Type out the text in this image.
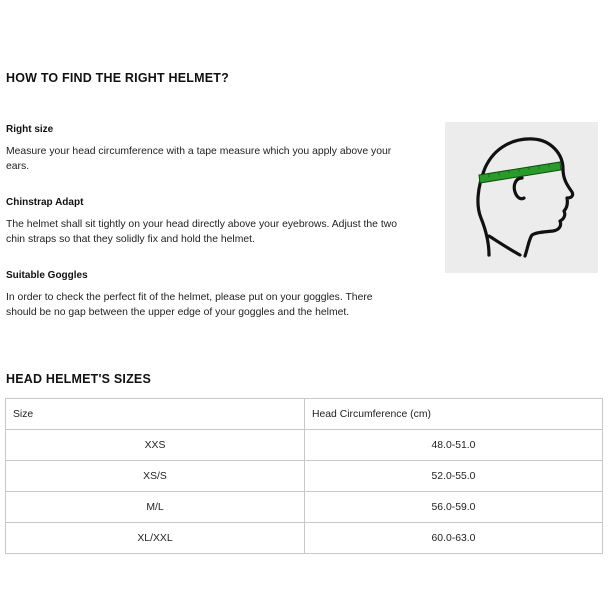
HOW TO FIND THE RIGHT HELMET?
Right size
Measure your head circumference with a tape measure which you apply above your ears.
Chinstrap Adapt
The helmet shall sit tightly on your head directly above your eyebrows. Adjust the two chin straps so that they solidly fix and hold the helmet.
Suitable Goggles
In order to check the perfect fit of the helmet, please put on your goggles. There should be no gap between the upper edge of your goggles and the helmet.
HEAD HELMET'S SIZES
Size	Head Circumference (cm)
XXS	48.0-51.0
XS/S	52.0-55.0
M/L	56.0-59.0
XL/XXL	60.0-63.0
